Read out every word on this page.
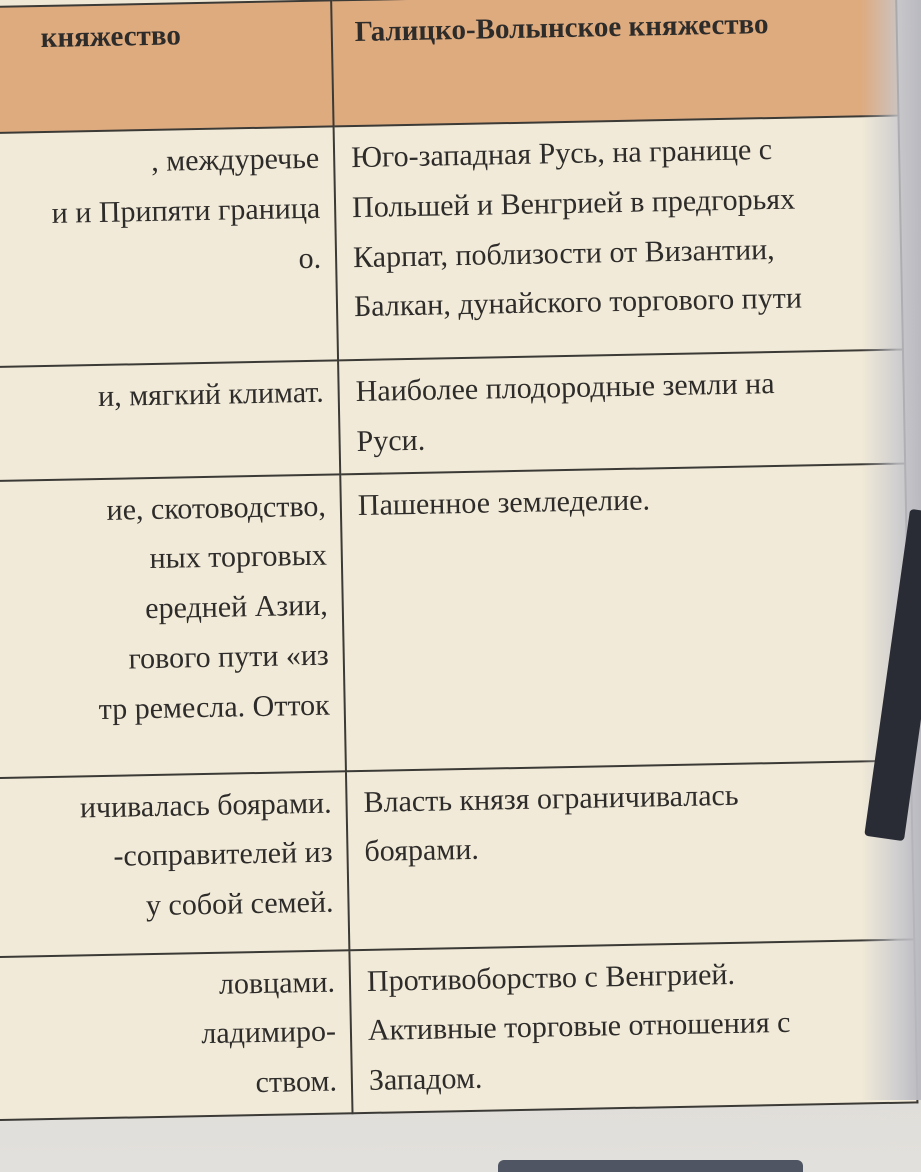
княжество	Галицко-Волынское княжество

, междуречье
и и Припяти граница
о.	Юго-западная Русь, на границе с
Польшей и Венгрией в предгорьях
Карпат, поблизости от Византии,
Балкан, дунайского торгового пути

и, мягкий климат.	Наиболее плодородные земли на
Руси.

ие, скотоводство,
ных торговых
ередней Азии,
гового пути «из
тр ремесла. Отток	Пашенное земледелие.

ичивалась боярами.
-соправителей из
у собой семей.	Власть князя ограничивалась
боярами.

ловцами.
ладимиро-
ством.	Противоборство с Венгрией.
Активные торговые отношения с
Западом.
